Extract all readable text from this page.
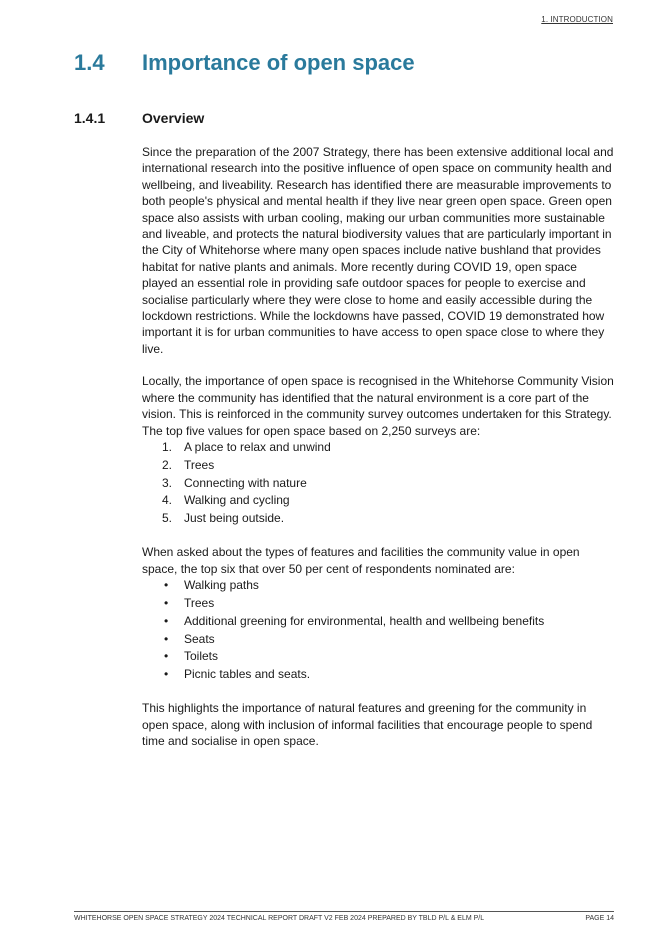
1. INTRODUCTION
1.4	Importance of open space
1.4.1	Overview

Since the preparation of the 2007 Strategy, there has been extensive additional local and international research into the positive influence of open space on community health and wellbeing, and liveability. Research has identified there are measurable improvements to both people's physical and mental health if they live near green open space. Green open space also assists with urban cooling, making our urban communities more sustainable and liveable, and protects the natural biodiversity values that are particularly important in the City of Whitehorse where many open spaces include native bushland that provides habitat for native plants and animals. More recently during COVID 19, open space played an essential role in providing safe outdoor spaces for people to exercise and socialise particularly where they were close to home and easily accessible during the lockdown restrictions. While the lockdowns have passed, COVID 19 demonstrated how important it is for urban communities to have access to open space close to where they live.

Locally, the importance of open space is recognised in the Whitehorse Community Vision where the community has identified that the natural environment is a core part of the vision. This is reinforced in the community survey outcomes undertaken for this Strategy. The top five values for open space based on 2,250 surveys are:

1. A place to relax and unwind
2. Trees
3. Connecting with nature
4. Walking and cycling
5. Just being outside.

When asked about the types of features and facilities the community value in open space, the top six that over 50 per cent of respondents nominated are:

•	Walking paths
•	Trees
•	Additional greening for environmental, health and wellbeing benefits
•	Seats
•	Toilets
•	Picnic tables and seats.

This highlights the importance of natural features and greening for the community in open space, along with inclusion of informal facilities that encourage people to spend time and socialise in open space.

WHITEHORSE OPEN SPACE STRATEGY 2024 TECHNICAL REPORT DRAFT V2 FEB 2024 PREPARED BY TBLD P/L & ELM P/L	PAGE 14
